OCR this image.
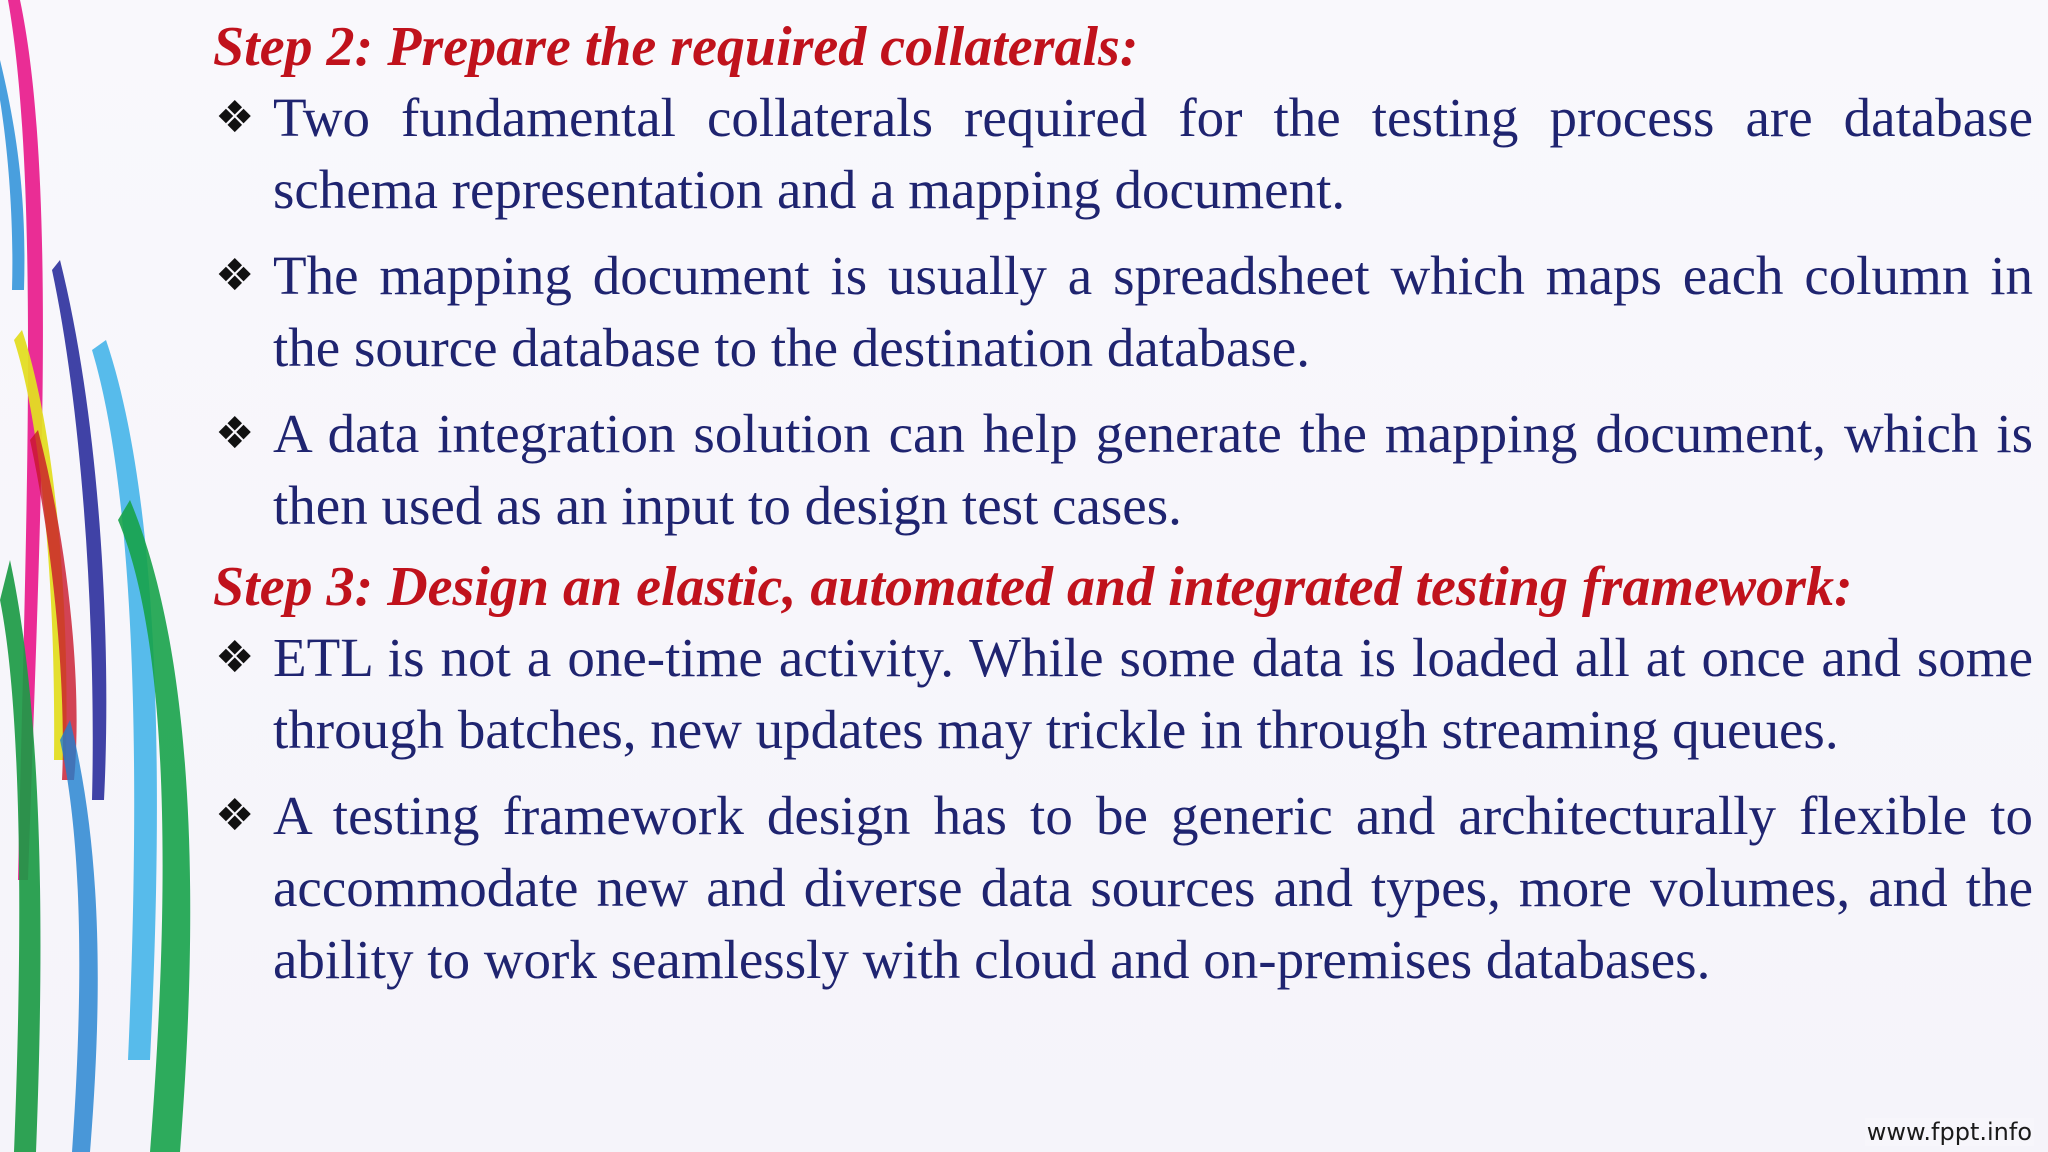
Step 2: Prepare the required collaterals:

❖ Two fundamental collaterals required for the testing process are database schema representation and a mapping document.

❖ The mapping document is usually a spreadsheet which maps each column in the source database to the destination database.

❖ A data integration solution can help generate the mapping document, which is then used as an input to design test cases.

Step 3: Design an elastic, automated and integrated testing framework:

❖ ETL is not a one-time activity. While some data is loaded all at once and some through batches, new updates may trickle in through streaming queues.

❖ A testing framework design has to be generic and architecturally flexible to accommodate new and diverse data sources and types, more volumes, and the ability to work seamlessly with cloud and on-premises databases.

www.fppt.info
